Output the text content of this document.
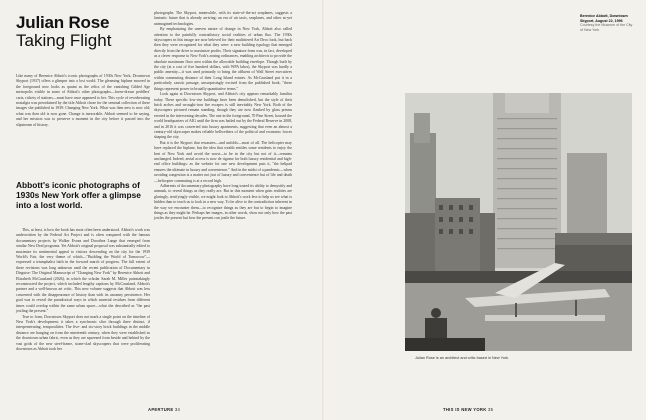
Julian Rose
Taking Flight

Like many of Berenice Abbott's iconic photographs of 1930s New York, Downtown Skyport (1937) offers a glimpse into a lost world. The gleaming biplane moored in the foreground now looks as quaint as the relics of the vanishing Gilded Age metropolis visible in some of Abbott's other photographs—horse-drawn peddlers' carts, rickety el stations—must have once appeared to her. This cycle of reverberating nostalgia was preordained by the title Abbott chose for the seminal collection of these images she published in 1939: Changing New York. What was then new is now old; what was then old is now gone. Change is inexorable, Abbott seemed to be saying, and her mission was to preserve a moment in the city before it passed into the slipstream of history.

Abbott's iconic photographs of 1930s New York offer a glimpse into a lost world.

This, at least, is how the book has most often been understood. Abbott's work was underwritten by the Federal Art Project and is often compared with the famous documentary projects by Walker Evans and Dorothea Lange that emerged from similar New Deal programs. Yet Abbott's original proposal was substantially edited to maximize its sentimental appeal to visitors descending on the city for the 1939 World's Fair, the very theme of which—"Building the World of Tomorrow"—expressed a triumphalist faith in the forward march of progress. The full extent of these revisions was long unknown until the recent publication of Documentary in Disguise: The Original Manuscript of "Changing New York" by Berenice Abbott and Elizabeth McCausland (2026), in which the scholar Sarah M. Miller painstakingly reconstructed the project, which included lengthy captions by McCausland, Abbott's partner and a well-known art critic. This new volume suggests that Abbott was less concerned with the disappearance of history than with its uncanny persistence. Her goal was to reveal the paradoxical ways in which material residues from different times could overlap within the same urban space—what she described as "the past jostling the present."

True to form, Downtown Skyport does not mark a single point on the timeline of New York's development; it takes a synchronic slice through three distinct, if interpenetrating, temporalities. The five- and six-story brick buildings in the middle distance are hanging on from the nineteenth century, when they were established as the downtown urban fabric, even as they are squeezed from beside and behind by the vast grids of the new steel-frame, stone-clad skyscrapers that were proliferating downtown as Abbott took her

photographs. The Skyport, meanwhile, with its state-of-the-art seaplanes, suggests a fantastic future that is already arriving: an era of air taxis, seaplanes, and other as-yet unimagined technologies.

By emphasizing the uneven nature of change in New York, Abbott also called attention to the painfully contradictory social realities of urban flux. The 1930s skyscrapers in this image are now beloved for their multitiered Art Deco look, but back then they were recognized for what they were: a new building typology that emerged directly from the drive to maximize profits. Their signature form was, in fact, developed as a clever response to New York's zoning ordinances, enabling architects to provide the absolute maximum floor area within the allowable building envelope. Though built by the city (at a cost of five hundred dollars, with WPA labor), the Skyport was hardly a public amenity—it was used primarily to bring the affluent of Wall Street executives within commuting distance of their Long Island estates. As McCausland put it in a particularly caustic passage, unsurprisingly excised from the published book, "these things represent power in brutally quantitative terms."

Look again at Downtown Skyport, and Abbott's city appears remarkably familiar today. These specific low-rise buildings have been demolished, but the style of their brick arches and wrought-iron fire escapes is still inevitably New York. Both of the skyscrapers pictured remain standing, though they are now flanked by glass prisms erected in the intervening decades. The one in the foreground, 70 Pine Street, housed the world headquarters of AIG until the firm was bailed out by the Federal Reserve in 2008, and in 2016 it was converted into luxury apartments, suggesting that even an almost a century-old skyscraper makes reliable bellwethers of the political and economic forces shaping the city.

But it is the Skyport that resonates—and unfolds—most of all. The helicopter may have replaced the biplane, but the idea that wealth entitles some residents to enjoy the best of New York and avoid the worst—to be in the city but not of it—remains unchanged. Indeed, aerial access is now de rigueur for both luxury residential and high-end office buildings: as the website for one new development puts it, "the helipad ensures the ultimate in luxury and convenience." And in the midst of a pandemic—when avoiding congestion is a matter not just of luxury and convenience but of life and death—helicopter commuting is at a record high.

Adherents of documentary photography have long touted its ability to demystify and unmask, to reveal things as they really are. But in this moment when grim realities are glaringly, terrifyingly visible, we might look to Abbott's work less to help us see what is hidden than to teach us to look in a new way. To be alive to the contradiction inherent in the way we encounter them—to recognize things as they are but to begin to imagine things as they might be. Perhaps her images, in other words, show not only how the past jostles the present but how the present can jostle the future.

APERTURE 34
Berenice Abbott, Downtown Skyport, August 22, 1996
Courtesy the Museum of the City of New York
Julian Rose is an architect and critic based in New York.
THIS IS NEW YORK 35
